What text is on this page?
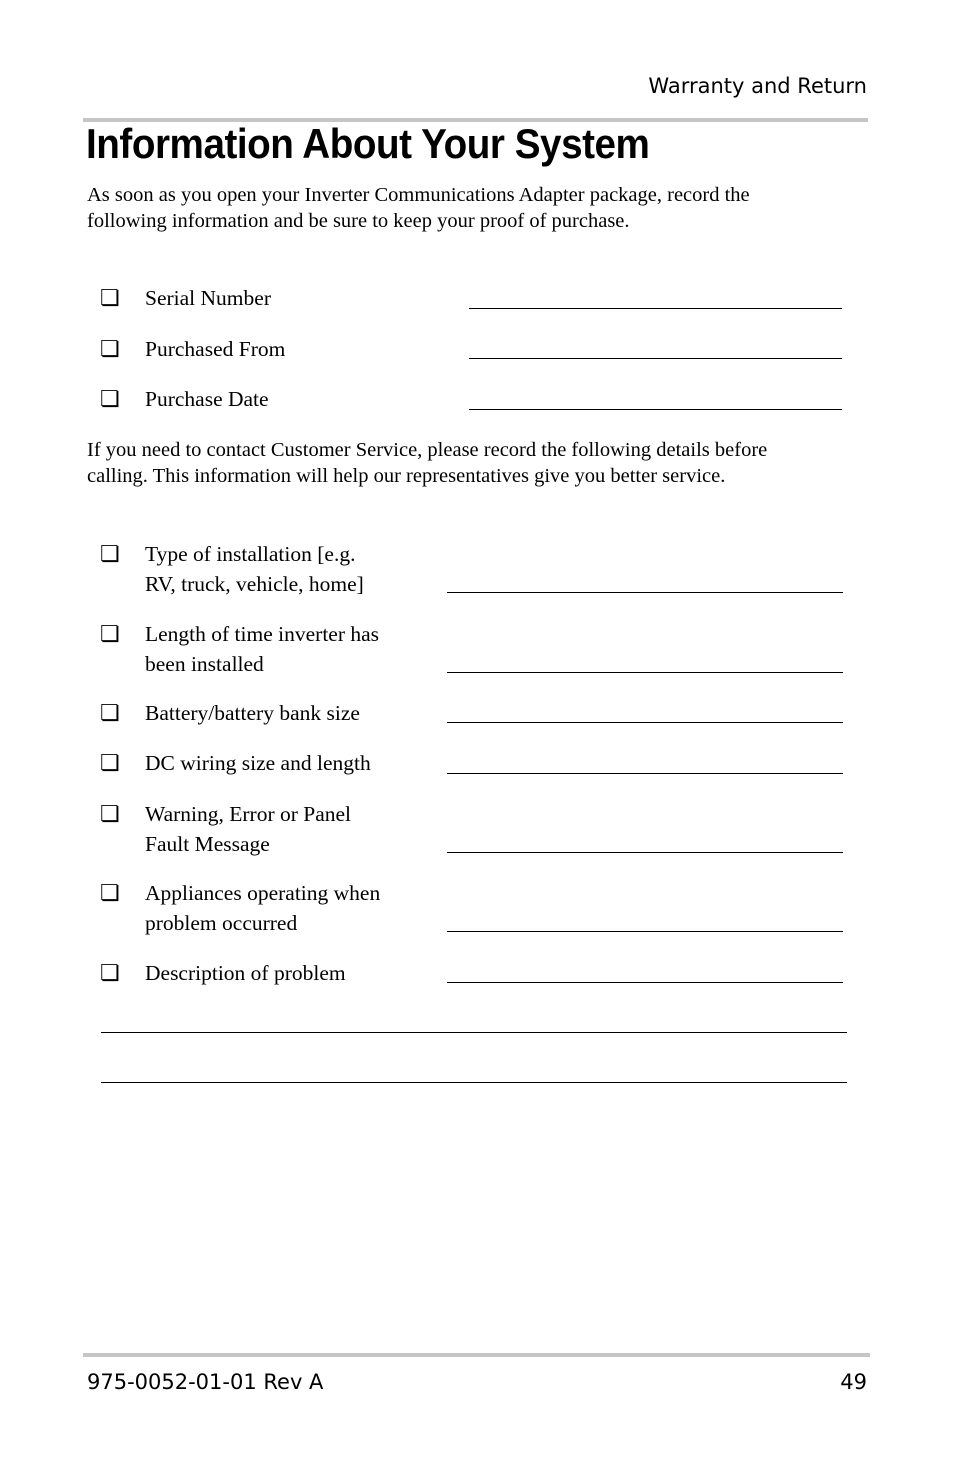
Warranty and Return
Information About Your System
As soon as you open your Inverter Communications Adapter package, record the
following information and be sure to keep your proof of purchase.
❏ Serial Number
❏ Purchased From
❏ Purchase Date
If you need to contact Customer Service, please record the following details before
calling. This information will help our representatives give you better service.
❏ Type of installation [e.g.
RV, truck, vehicle, home]
❏ Length of time inverter has
been installed
❏ Battery/battery bank size
❏ DC wiring size and length
❏ Warning, Error or Panel
Fault Message
❏ Appliances operating when
problem occurred
❏ Description of problem
975-0052-01-01 Rev A	49
